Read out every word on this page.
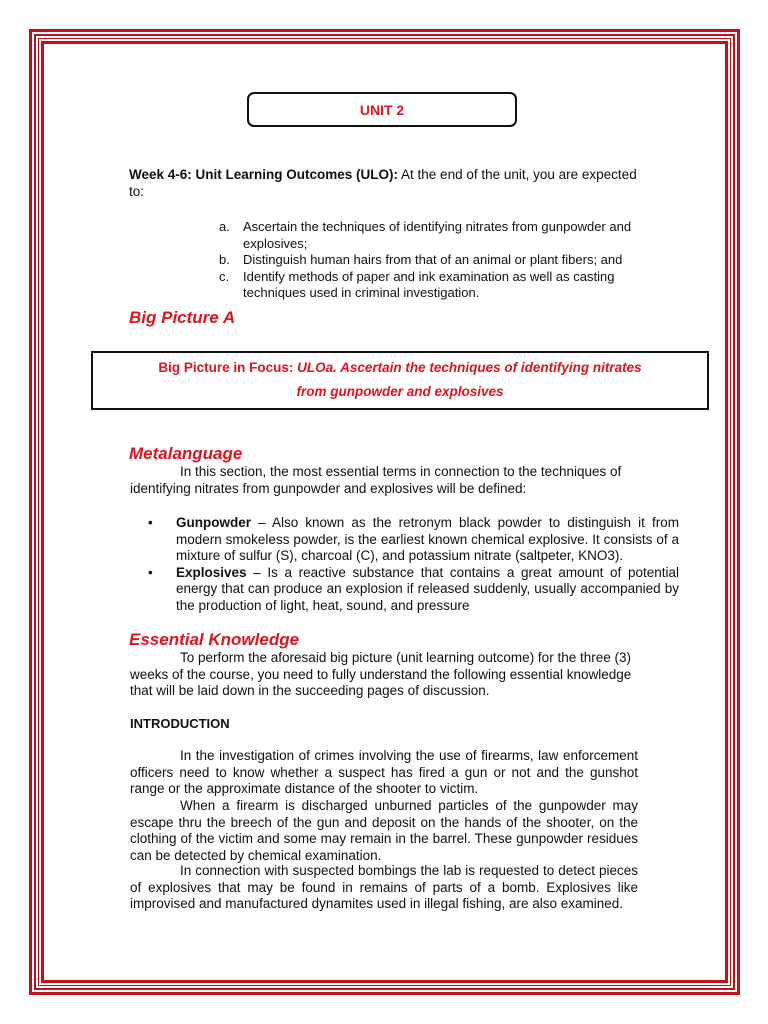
UNIT 2
Week 4-6: Unit Learning Outcomes (ULO): At the end of the unit, you are expected to:
a. Ascertain the techniques of identifying nitrates from gunpowder and explosives;
b. Distinguish human hairs from that of an animal or plant fibers; and
c. Identify methods of paper and ink examination as well as casting techniques used in criminal investigation.
Big Picture A
Big Picture in Focus: ULOa. Ascertain the techniques of identifying nitrates
from gunpowder and explosives
Metalanguage
In this section, the most essential terms in connection to the techniques of identifying nitrates from gunpowder and explosives will be defined:
• Gunpowder – Also known as the retronym black powder to distinguish it from modern smokeless powder, is the earliest known chemical explosive. It consists of a mixture of sulfur (S), charcoal (C), and potassium nitrate (saltpeter, KNO3).
• Explosives – Is a reactive substance that contains a great amount of potential energy that can produce an explosion if released suddenly, usually accompanied by the production of light, heat, sound, and pressure
Essential Knowledge
To perform the aforesaid big picture (unit learning outcome) for the three (3) weeks of the course, you need to fully understand the following essential knowledge that will be laid down in the succeeding pages of discussion.
INTRODUCTION
In the investigation of crimes involving the use of firearms, law enforcement officers need to know whether a suspect has fired a gun or not and the gunshot range or the approximate distance of the shooter to victim.
When a firearm is discharged unburned particles of the gunpowder may escape thru the breech of the gun and deposit on the hands of the shooter, on the clothing of the victim and some may remain in the barrel. These gunpowder residues can be detected by chemical examination.
In connection with suspected bombings the lab is requested to detect pieces of explosives that may be found in remains of parts of a bomb. Explosives like improvised and manufactured dynamites used in illegal fishing, are also examined.
